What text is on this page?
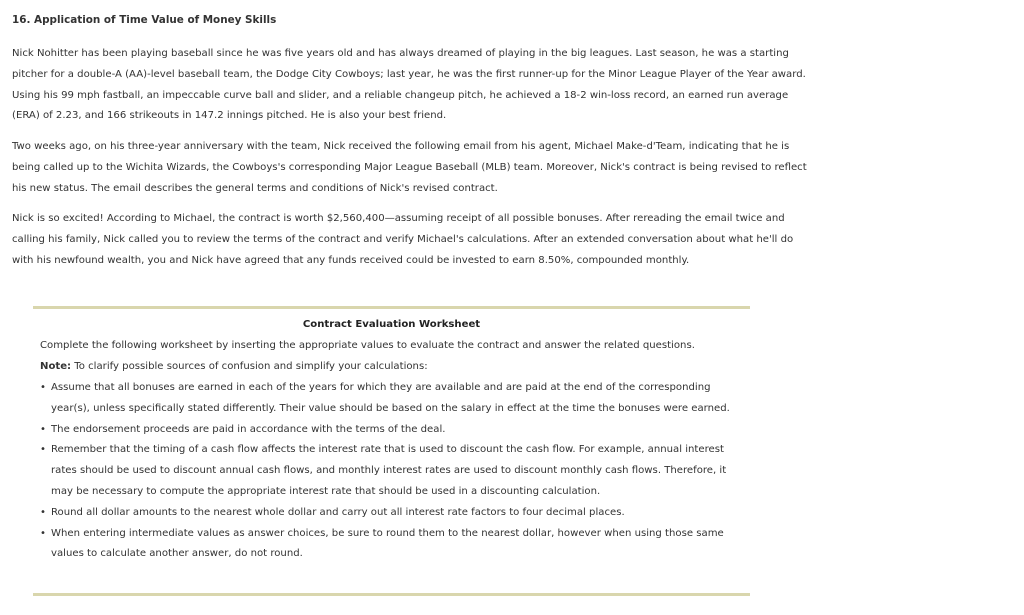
16. Application of Time Value of Money Skills

Nick Nohitter has been playing baseball since he was five years old and has always dreamed of playing in the big leagues. Last season, he was a starting pitcher for a double-A (AA)-level baseball team, the Dodge City Cowboys; last year, he was the first runner-up for the Minor League Player of the Year award. Using his 99 mph fastball, an impeccable curve ball and slider, and a reliable changeup pitch, he achieved a 18-2 win-loss record, an earned run average (ERA) of 2.23, and 166 strikeouts in 147.2 innings pitched. He is also your best friend.

Two weeks ago, on his three-year anniversary with the team, Nick received the following email from his agent, Michael Make-d'Team, indicating that he is being called up to the Wichita Wizards, the Cowboys's corresponding Major League Baseball (MLB) team. Moreover, Nick's contract is being revised to reflect his new status. The email describes the general terms and conditions of Nick's revised contract.

Nick is so excited! According to Michael, the contract is worth $2,560,400—assuming receipt of all possible bonuses. After rereading the email twice and calling his family, Nick called you to review the terms of the contract and verify Michael's calculations. After an extended conversation about what he'll do with his newfound wealth, you and Nick have agreed that any funds received could be invested to earn 8.50%, compounded monthly.

Contract Evaluation Worksheet

Complete the following worksheet by inserting the appropriate values to evaluate the contract and answer the related questions.

Note: To clarify possible sources of confusion and simplify your calculations:

• Assume that all bonuses are earned in each of the years for which they are available and are paid at the end of the corresponding year(s), unless specifically stated differently. Their value should be based on the salary in effect at the time the bonuses were earned.
• The endorsement proceeds are paid in accordance with the terms of the deal.
• Remember that the timing of a cash flow affects the interest rate that is used to discount the cash flow. For example, annual interest rates should be used to discount annual cash flows, and monthly interest rates are used to discount monthly cash flows. Therefore, it may be necessary to compute the appropriate interest rate that should be used in a discounting calculation.
• Round all dollar amounts to the nearest whole dollar and carry out all interest rate factors to four decimal places.
• When entering intermediate values as answer choices, be sure to round them to the nearest dollar, however when using those same values to calculate another answer, do not round.
